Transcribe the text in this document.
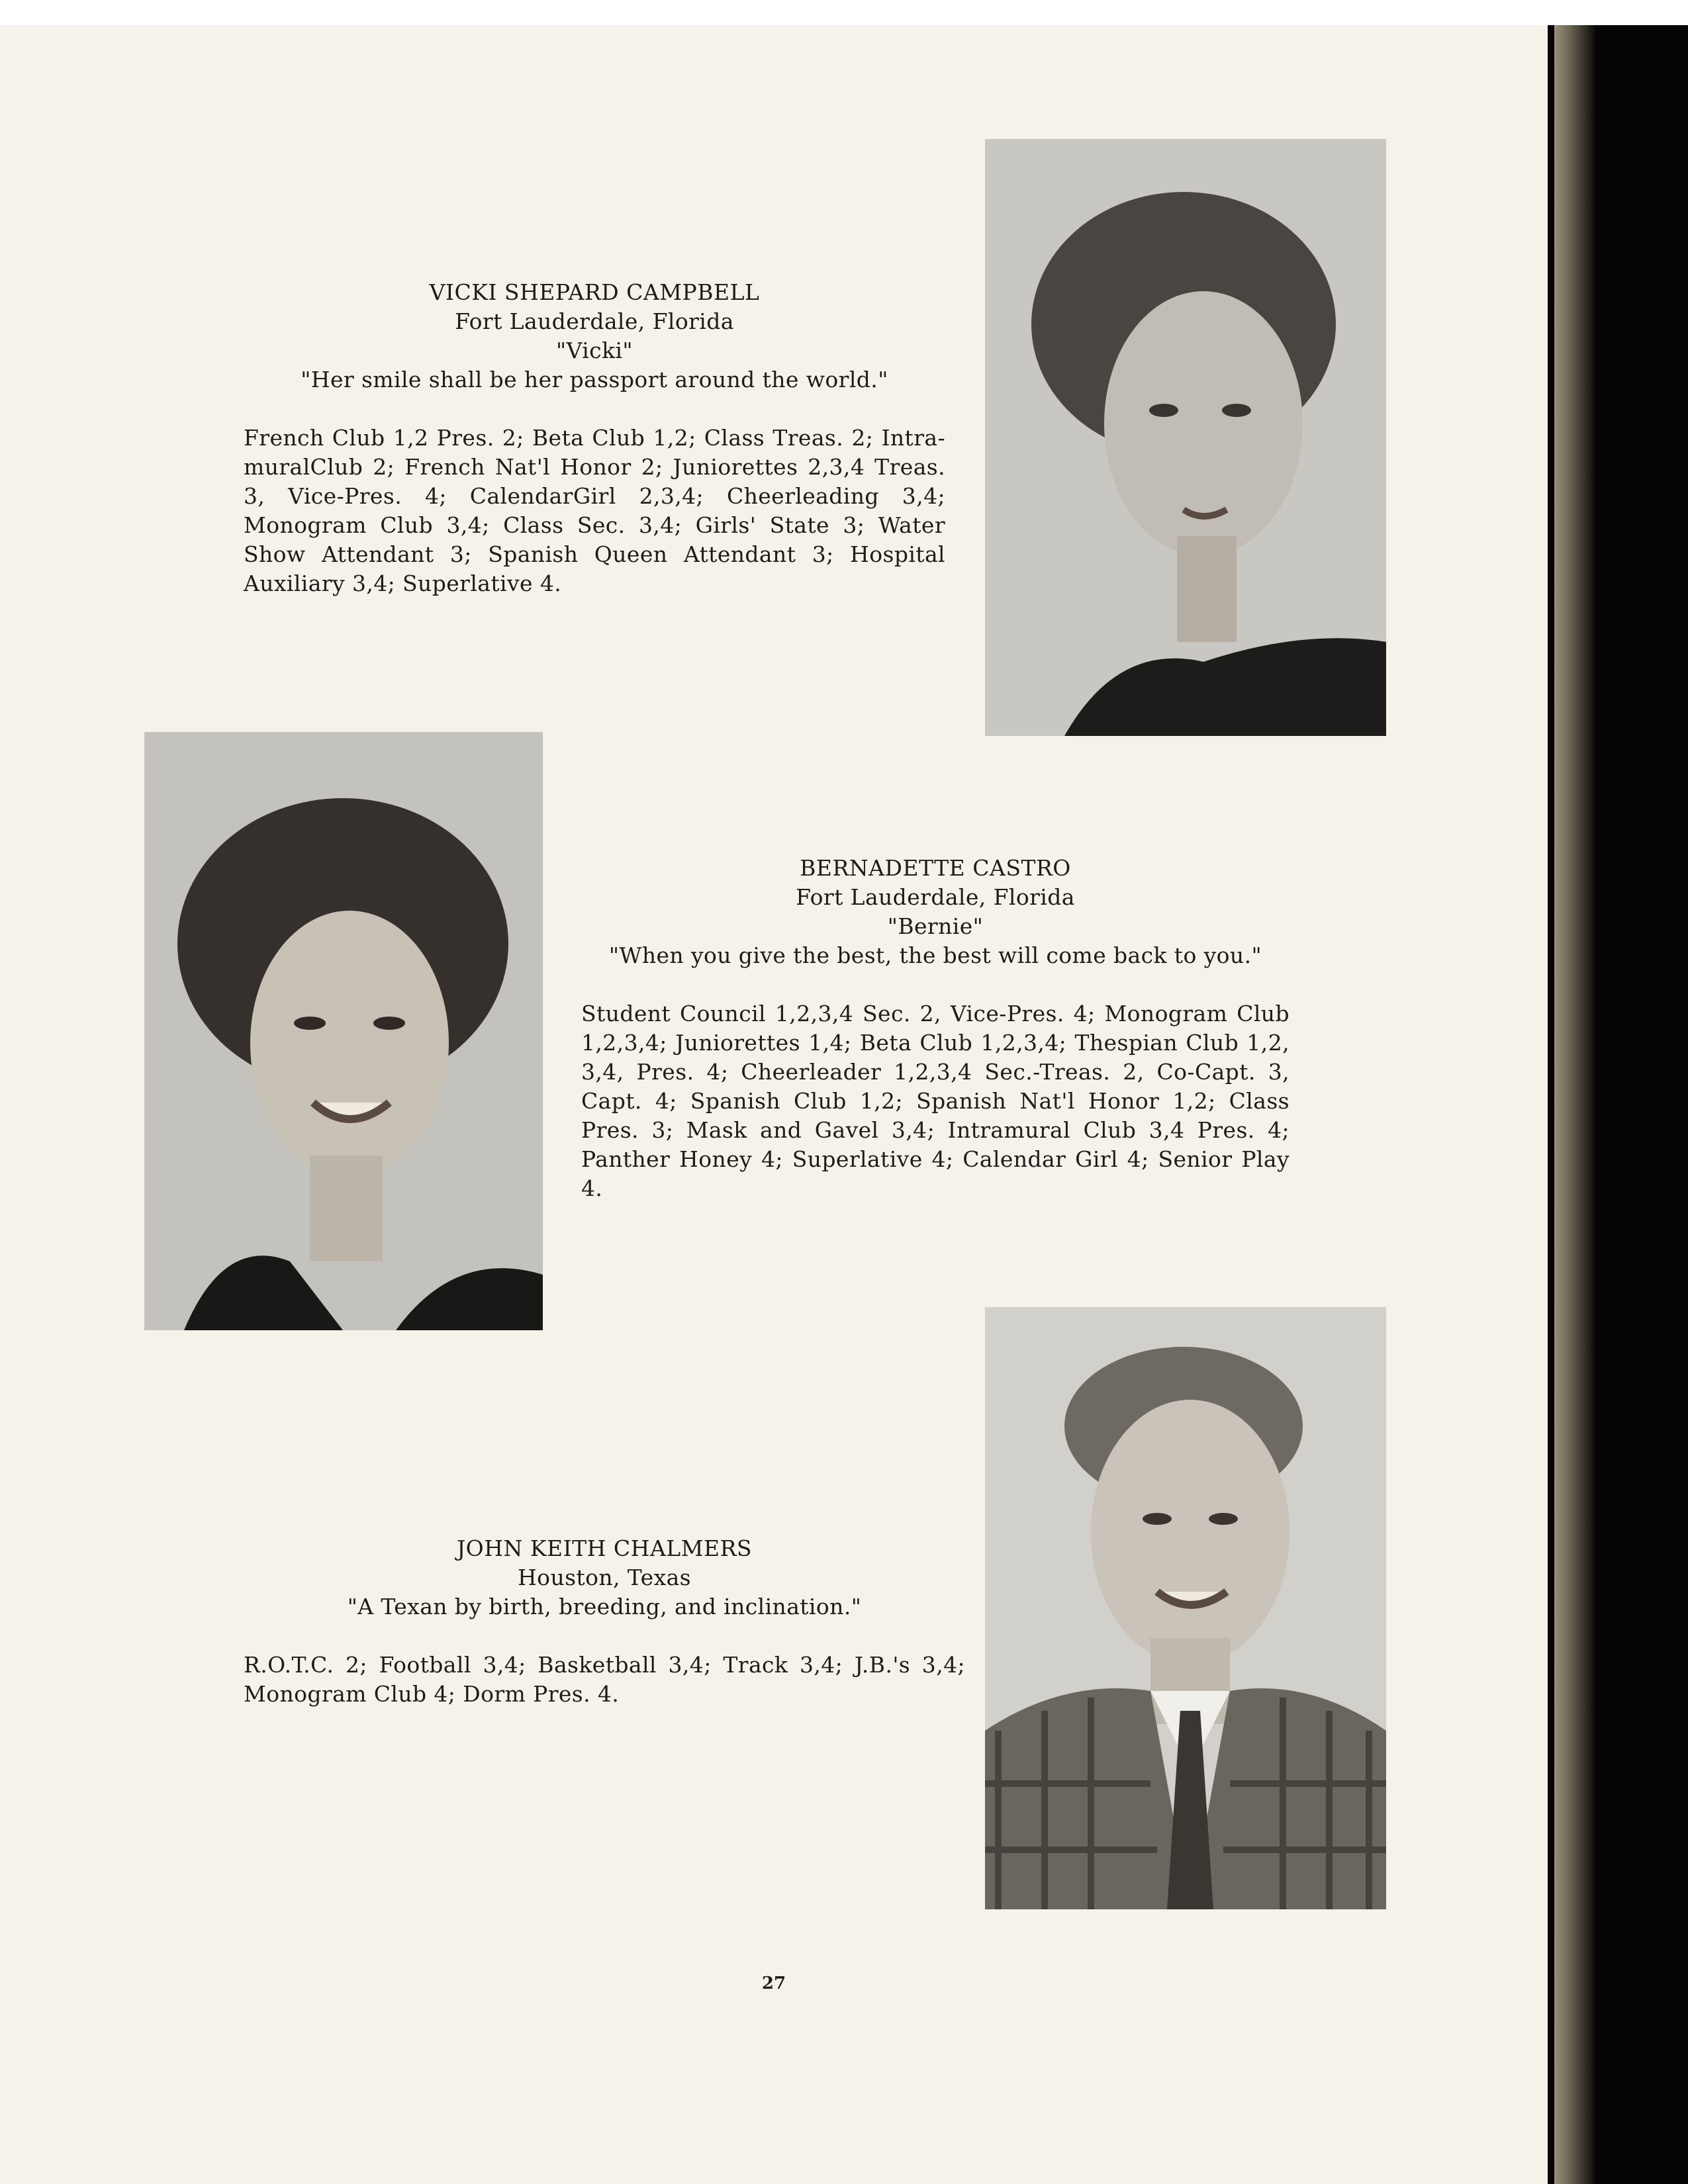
VICKI SHEPARD CAMPBELL
Fort Lauderdale, Florida
"Vicki"
"Her smile shall be her passport around the world."
French Club 1,2 Pres. 2; Beta Club 1,2; Class Treas. 2; Intra-muralClub 2; French Nat'l Honor 2; Juniorettes 2,3,4 Treas. 3, Vice-Pres. 4; CalendarGirl 2,3,4; Cheerleading 3,4; Monogram Club 3,4; Class Sec. 3,4; Girls' State 3; Water Show Attendant 3; Spanish Queen Attendant 3; Hospital Auxiliary 3,4; Superlative 4.
BERNADETTE CASTRO
Fort Lauderdale, Florida
"Bernie"
"When you give the best, the best will come back to you."
Student Council 1,2,3,4 Sec. 2, Vice-Pres. 4; Monogram Club 1,2,3,4; Juniorettes 1,4; Beta Club 1,2,3,4; Thespian Club 1,2, 3,4, Pres. 4; Cheerleader 1,2,3,4 Sec.-Treas. 2, Co-Capt. 3, Capt. 4; Spanish Club 1,2; Spanish Nat'l Honor 1,2; Class Pres. 3; Mask and Gavel 3,4; Intramural Club 3,4 Pres. 4; Panther Honey 4; Superlative 4; Calendar Girl 4; Senior Play 4.
JOHN KEITH CHALMERS
Houston, Texas
"A Texan by birth, breeding, and inclination."
R.O.T.C. 2; Football 3,4; Basketball 3,4; Track 3,4; J.B.'s 3,4; Monogram Club 4; Dorm Pres. 4.
27
